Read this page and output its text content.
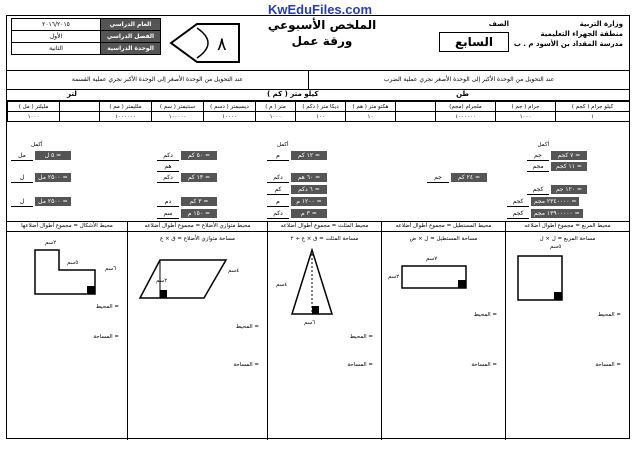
KwEduFiles.com
وزارة التربية
منطقة الجهراء التعليمية
مدرسة المقداد بن الأسود م . ب
الصف
السابع
الملخص الأسبوعي
ورقة عمل
٨
٢٠١٦/٢٠١٥	العام الدراسي
الأول	الفصل الدراسي
الثانية	الوحدة الدراسية
عند التحويل من الوحدة الأكبر إلى الوحدة الأصغر نجري عملية الضرب
عند التحويل من الوحدة الأصغر إلى الوحدة الأكبر نجري عملية القسمة
لتر	كيلو متر ( كم )	طن
مليلتر ( مل )		ملليمتر ( مم )	سنتيمتر ( سم )	ديسيمتر ( دسم )	متر ( م )	ديكا متر ( دكم )	هكتو متر ( هم )		ملجرام (مجم)	جرام ( جم )	كيلو جرام ( كجم )
١٠٠٠		١٠٠٠٠٠٠	١٠٠٠٠٠	١٠٠٠٠	١٠٠٠	١٠٠	١٠		١٠٠٠٠٠٠	١٠٠٠	١
أكمل	أكمل	أكمل
مل	٥ ل =
ل ٢٥٠٠ مل =
ل ٢٥٠٠ مل =
دكم	٥٠ كم =
هم
دكم	١٣ كم =
دم	٣ كم =
سم	١٥٠ م =
م	١٢ كم =
دكم ٦٠ هم =
كم	٦ دكم =
م	١٢٠٠ م =
دكم	٣ م =
جم	٧ كجم =
مجم ١١ كجم =
جم	٢٤ كم =
كجم ١٢٠ جم =
كجم ٢٣٤٠٠٠٠ مجم =
كجم ١٣٩٠٠٠٠٠ مجم =
محيط المربع = مجموع أطوال أضلاعه
مساحة المربع = ل × ل
٥سم
المحيط =
المساحة =
محيط المستطيل = مجموع أطوال أضلاعه
مساحة المستطيل = ل × ض
٧سم
٢سم
المحيط =
المساحة =
محيط المثلث = مجموع أطوال أضلاعه
مساحة المثلث = ق × ع ÷ ٢
٦سم
٤سم
المحيط =
المساحة =
محيط متوازي الأضلاع = مجموع أطوال أضلاعه
مساحة متوازي الأضلاع = ق × ع
٤سم
٢سم
المحيط =
المساحة =
محيط الأشكال = مجموع أطوال أضلاعها
٢سم
٥سم
٦سم
المحيط =
المساحة =
